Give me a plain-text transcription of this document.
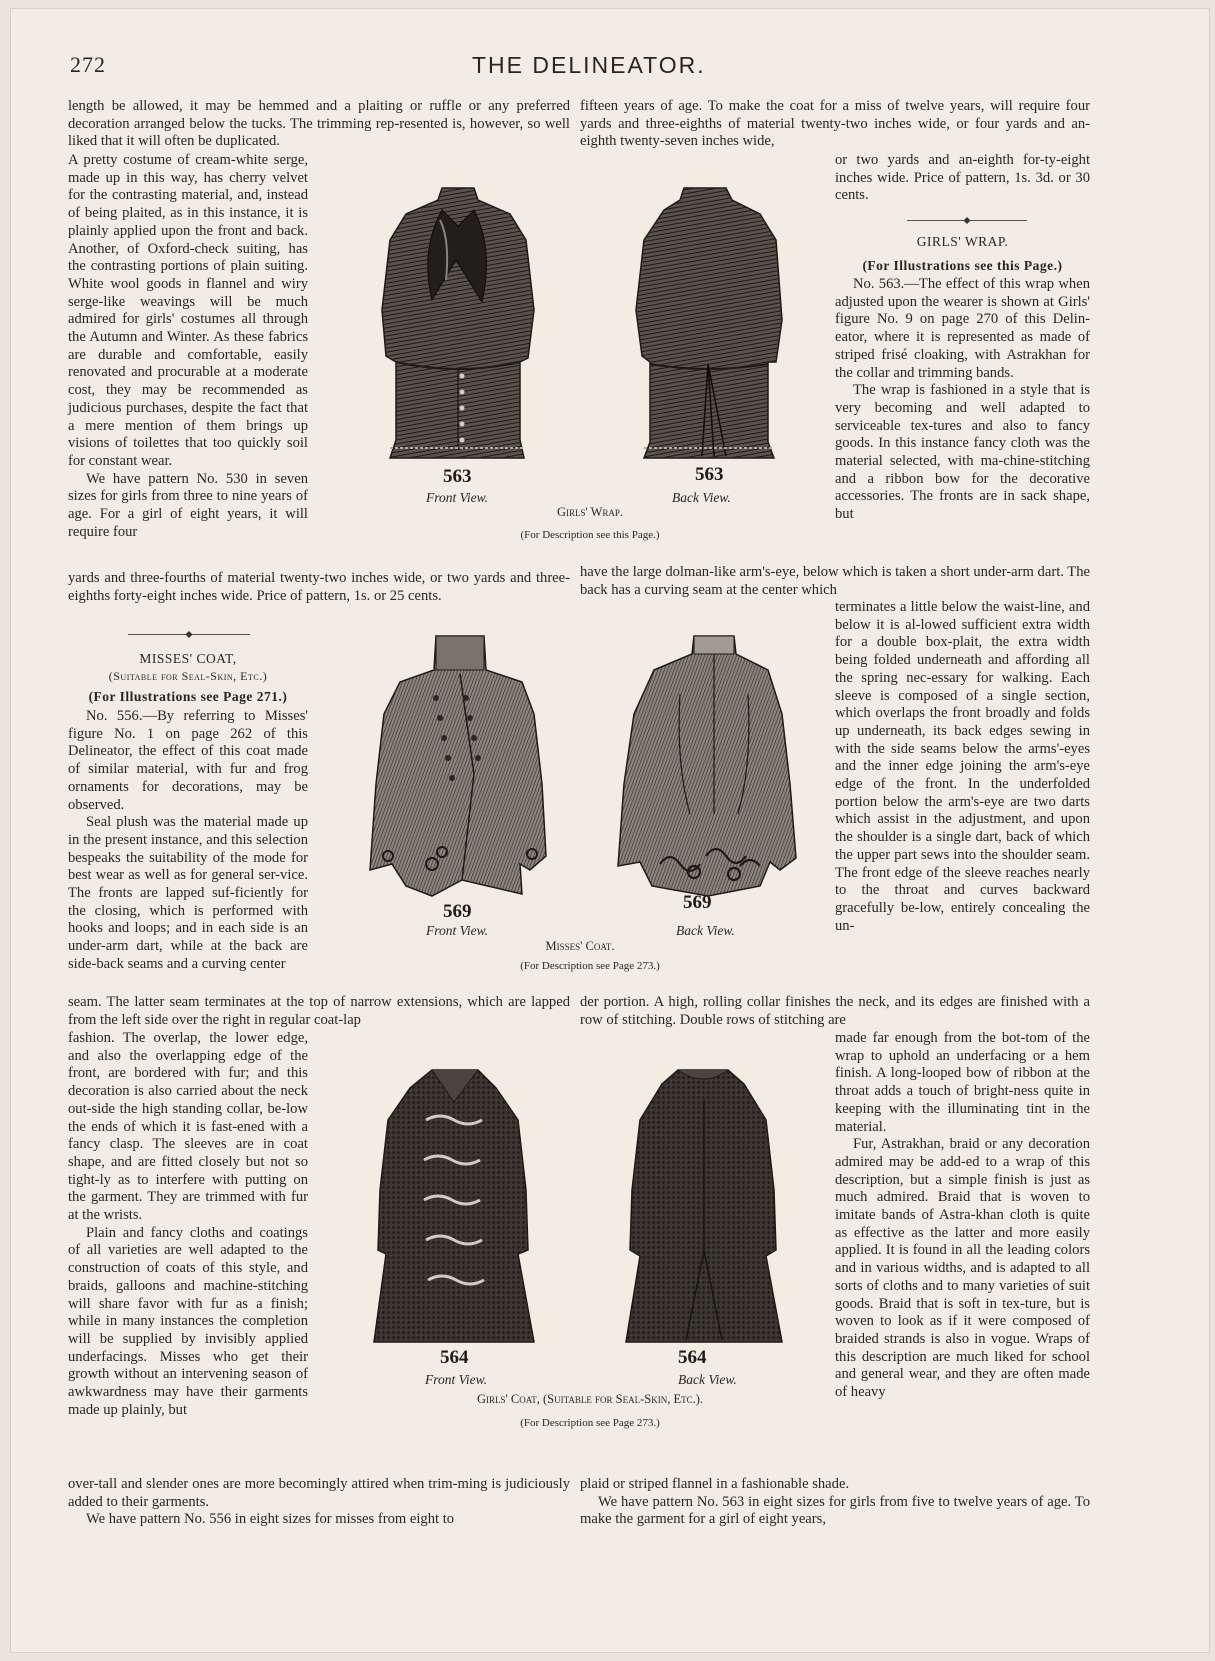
272	THE DELINEATOR.

length be allowed, it may be hemmed and a plaiting or ruffle or any preferred decoration arranged below the tucks. The trimming rep-resented is, however, so well liked that it will often be duplicated.

A pretty costume of cream-white serge, made up in this way, has cherry velvet for the contrasting material, and, instead of being plaited, as in this instance, it is plainly applied upon the front and back. Another, of Oxford-check suiting, has the contrasting portions of plain suiting. White wool goods in flannel and wiry serge-like weavings will be much admired for girls' costumes all through the Autumn and Winter. As these fabrics are durable and comfortable, easily renovated and procurable at a moderate cost, they may be recommended as judicious purchases, despite the fact that a mere mention of them brings up visions of toilettes that too quickly soil for constant wear.

We have pattern No. 530 in seven sizes for girls from three to nine years of age. For a girl of eight years, it will require four

yards and three-fourths of material twenty-two inches wide, or two yards and three-eighths forty-eight inches wide. Price of pattern, 1s. or 25 cents.

MISSES' COAT,
(Suitable for Seal-Skin, Etc.)
(For Illustrations see Page 271.)

No. 556.—By referring to Misses' figure No. 1 on page 262 of this Delineator, the effect of this coat made of similar material, with fur and frog ornaments for decorations, may be observed.

Seal plush was the material made up in the present instance, and this selection bespeaks the suitability of the mode for best wear as well as for general ser-vice. The fronts are lapped suf-ficiently for the closing, which is performed with hooks and loops; and in each side is an under-arm dart, while at the back are side-back seams and a curving center

seam. The latter seam terminates at the top of narrow extensions, which are lapped from the left side over the right in regular coat-lap

fashion. The overlap, the lower edge, and also the overlapping edge of the front, are bordered with fur; and this decoration is also carried about the neck out-side the high standing collar, be-low the ends of which it is fast-ened with a fancy clasp. The sleeves are in coat shape, and are fitted closely but not so tight-ly as to interfere with putting on the garment. They are trimmed with fur at the wrists.

Plain and fancy cloths and coatings of all varieties are well adapted to the construction of coats of this style, and braids, galloons and machine-stitching will share favor with fur as a finish; while in many instances the completion will be supplied by invisibly applied underfacings. Misses who get their growth without an intervening season of awkwardness may have their garments made up plainly, but

over-tall and slender ones are more becomingly attired when trim-ming is judiciously added to their garments.

We have pattern No. 556 in eight sizes for misses from eight to

fifteen years of age. To make the coat for a miss of twelve years, will require four yards and three-eighths of material twenty-two inches wide, or four yards and an-eighth twenty-seven inches wide,

or two yards and an-eighth for-ty-eight inches wide. Price of pattern, 1s. 3d. or 30 cents.

GIRLS' WRAP.
(For Illustrations see this Page.)

No. 563.—The effect of this wrap when adjusted upon the wearer is shown at Girls' figure No. 9 on page 270 of this Delin-eator, where it is represented as made of striped frisé cloaking, with Astrakhan for the collar and trimming bands.

The wrap is fashioned in a style that is very becoming and well adapted to serviceable tex-tures and also to fancy goods. In this instance fancy cloth was the material selected, with ma-chine-stitching and a ribbon bow for the decorative accessories. The fronts are in sack shape, but

have the large dolman-like arm's-eye, below which is taken a short under-arm dart. The back has a curving seam at the center which

terminates a little below the waist-line, and below it is al-lowed sufficient extra width for a double box-plait, the extra width being folded underneath and affording all the spring nec-essary for walking. Each sleeve is composed of a single section, which overlaps the front broadly and folds up underneath, its back edges sewing in with the side seams below the arms'-eyes and the inner edge joining the arm's-eye edge of the front. In the underfolded portion below the arm's-eye are two darts which assist in the adjustment, and upon the shoulder is a single dart, back of which the upper part sews into the shoulder seam. The front edge of the sleeve reaches nearly to the throat and curves backward gracefully be-low, entirely concealing the un-

der portion. A high, rolling collar finishes the neck, and its edges are finished with a row of stitching. Double rows of stitching are

made far enough from the bot-tom of the wrap to uphold an underfacing or a hem finish. A long-looped bow of ribbon at the throat adds a touch of bright-ness quite in keeping with the illuminating tint in the material.

Fur, Astrakhan, braid or any decoration admired may be add-ed to a wrap of this description, but a simple finish is just as much admired. Braid that is woven to imitate bands of Astra-khan cloth is quite as effective as the latter and more easily applied. It is found in all the leading colors and in various widths, and is adapted to all sorts of cloths and to many varieties of suit goods. Braid that is soft in tex-ture, but is woven to look as if it were composed of braided strands is also in vogue. Wraps of this description are much liked for school and general wear, and they are often made of heavy

plaid or striped flannel in a fashionable shade.

We have pattern No. 563 in eight sizes for girls from five to twelve years of age. To make the garment for a girl of eight years,

563	563
Front View.	Back View.
Girls' Wrap.
(For Description see this Page.)
569	569
Front View.	Back View.
Misses' Coat.
(For Description see Page 273.)
564	564
Front View.	Back View.
Girls' Coat, (Suitable for Seal-Skin, Etc.).
(For Description see Page 273.)
